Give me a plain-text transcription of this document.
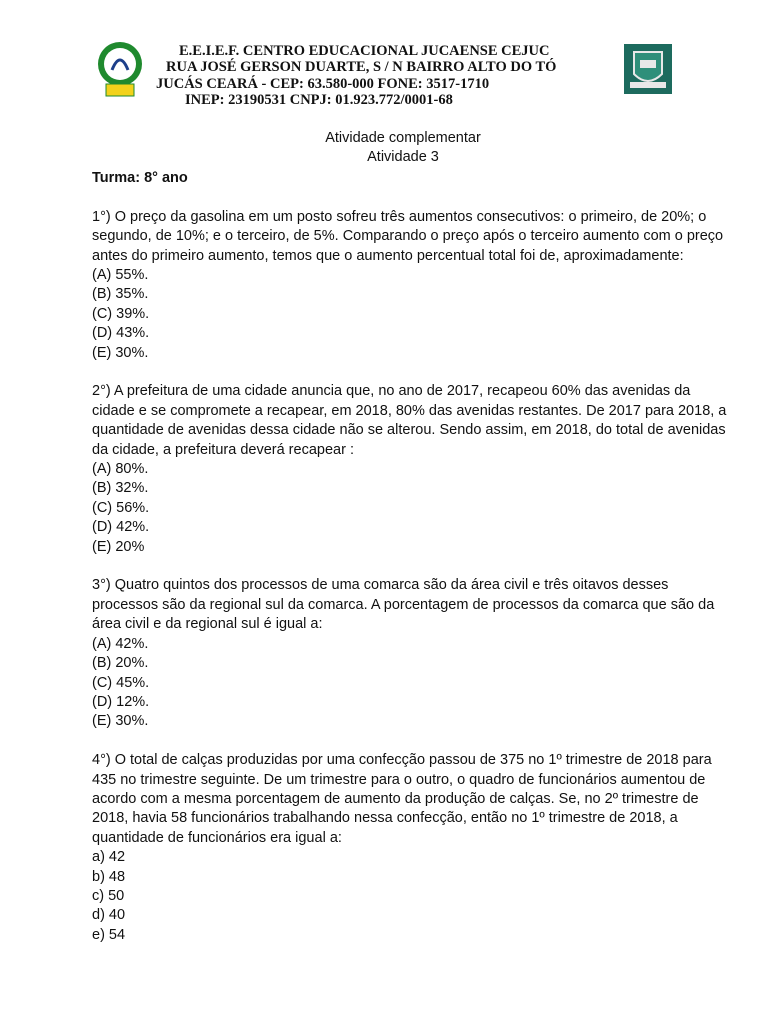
E.E.I.E.F. CENTRO EDUCACIONAL JUCAENSE CEJUC
RUA JOSÉ GERSON DUARTE, S / N BAIRRO ALTO DO TÓ
JUCÁS CEARÁ - CEP: 63.580-000 FONE: 3517-1710
INEP: 23190531 CNPJ: 01.923.772/0001-68
Atividade complementar
Atividade 3
Turma: 8° ano

1°) O preço da gasolina em um posto sofreu três aumentos consecutivos: o primeiro, de 20%; o segundo, de 10%; e o terceiro, de 5%. Comparando o preço após o terceiro aumento com o preço antes do primeiro aumento, temos que o aumento percentual total foi de, aproximadamente:

(A) 55%.
(B) 35%.
(C) 39%.
(D) 43%.
(E) 30%.

2°) A prefeitura de uma cidade anuncia que, no ano de 2017, recapeou 60% das avenidas da cidade e se compromete a recapear, em 2018, 80% das avenidas restantes. De 2017 para 2018, a quantidade de avenidas dessa cidade não se alterou. Sendo assim, em 2018, do total de avenidas da cidade, a prefeitura deverá recapear :

(A) 80%.
(B) 32%.
(C) 56%.
(D) 42%.
(E) 20%

3°) Quatro quintos dos processos de uma comarca são da área civil e três oitavos desses processos são da regional sul da comarca. A porcentagem de processos da comarca que são da área civil e da regional sul é igual a:

(A) 42%.
(B) 20%.
(C) 45%.
(D) 12%.
(E) 30%.

4°) O total de calças produzidas por uma confecção passou de 375 no 1º trimestre de 2018 para 435 no trimestre seguinte. De um trimestre para o outro, o quadro de funcionários aumentou de acordo com a mesma porcentagem de aumento da produção de calças. Se, no 2º trimestre de

2018, havia 58 funcionários trabalhando nessa confecção, então no 1º trimestre de 2018, a quantidade de funcionários era igual a:

a) 42
b) 48
c) 50
d) 40
e) 54
